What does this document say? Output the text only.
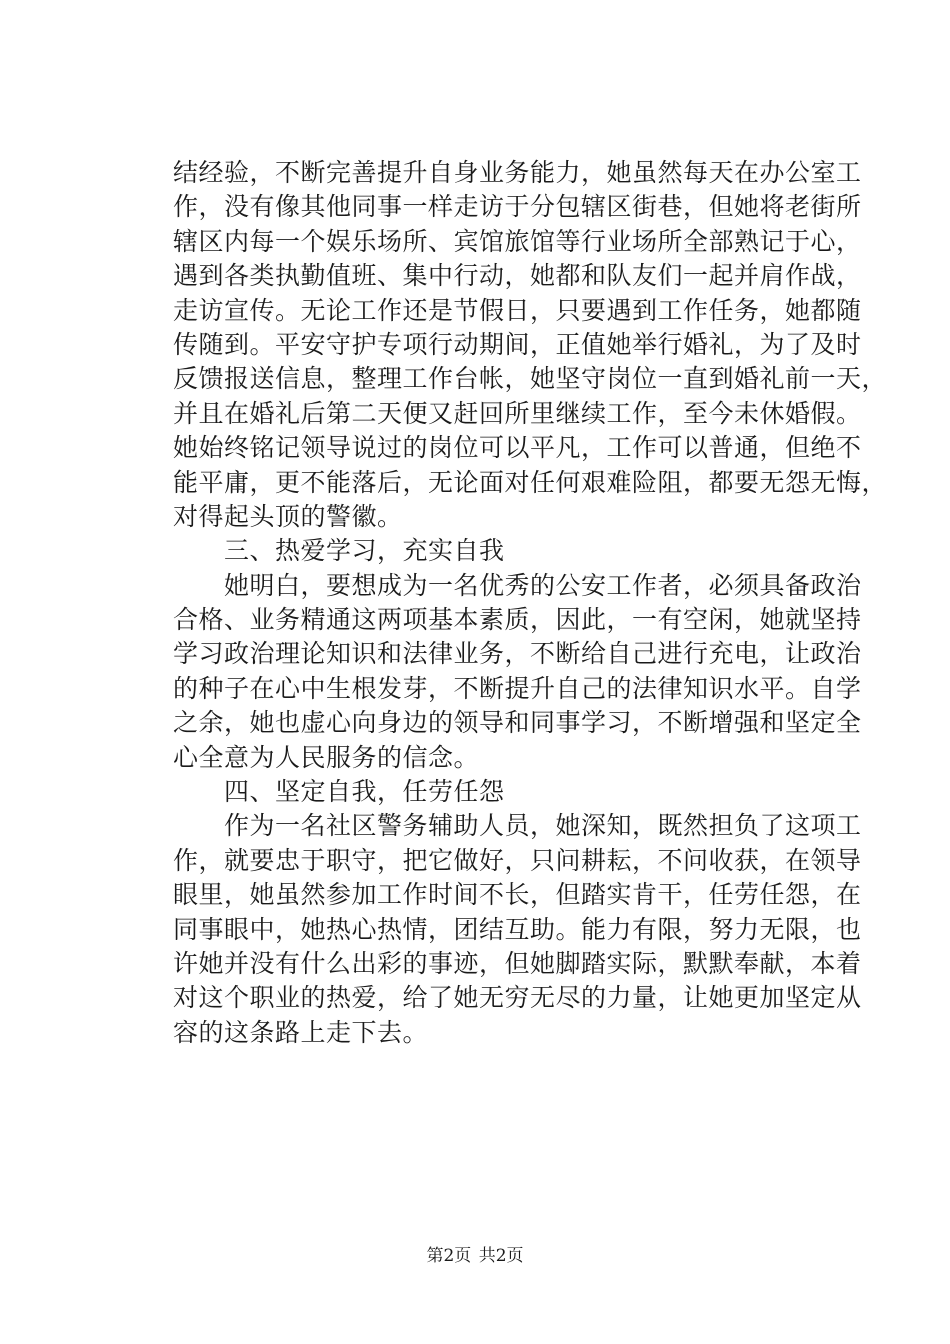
结经验，不断完善提升自身业务能力，她虽然每天在办公室工
作，没有像其他同事一样走访于分包辖区街巷，但她将老街所
辖区内每一个娱乐场所、宾馆旅馆等行业场所全部熟记于心，
遇到各类执勤值班、集中行动，她都和队友们一起并肩作战，
走访宣传。无论工作还是节假日，只要遇到工作任务，她都随
传随到。平安守护专项行动期间，正值她举行婚礼，为了及时
反馈报送信息，整理工作台帐，她坚守岗位一直到婚礼前一天，
并且在婚礼后第二天便又赶回所里继续工作，至今未休婚假。
她始终铭记领导说过的岗位可以平凡，工作可以普通，但绝不
能平庸，更不能落后，无论面对任何艰难险阻，都要无怨无悔，
对得起头顶的警徽。
　　三、热爱学习，充实自我
　　她明白，要想成为一名优秀的公安工作者，必须具备政治
合格、业务精通这两项基本素质，因此，一有空闲，她就坚持
学习政治理论知识和法律业务，不断给自己进行充电，让政治
的种子在心中生根发芽，不断提升自己的法律知识水平。自学
之余，她也虚心向身边的领导和同事学习，不断增强和坚定全
心全意为人民服务的信念。
　　四、坚定自我，任劳任怨
　　作为一名社区警务辅助人员，她深知，既然担负了这项工
作，就要忠于职守，把它做好，只问耕耘，不问收获，在领导
眼里，她虽然参加工作时间不长，但踏实肯干，任劳任怨，在
同事眼中，她热心热情，团结互助。能力有限，努力无限，也
许她并没有什么出彩的事迹，但她脚踏实际，默默奉献，本着
对这个职业的热爱，给了她无穷无尽的力量，让她更加坚定从
容的这条路上走下去。
第2页 共2页
